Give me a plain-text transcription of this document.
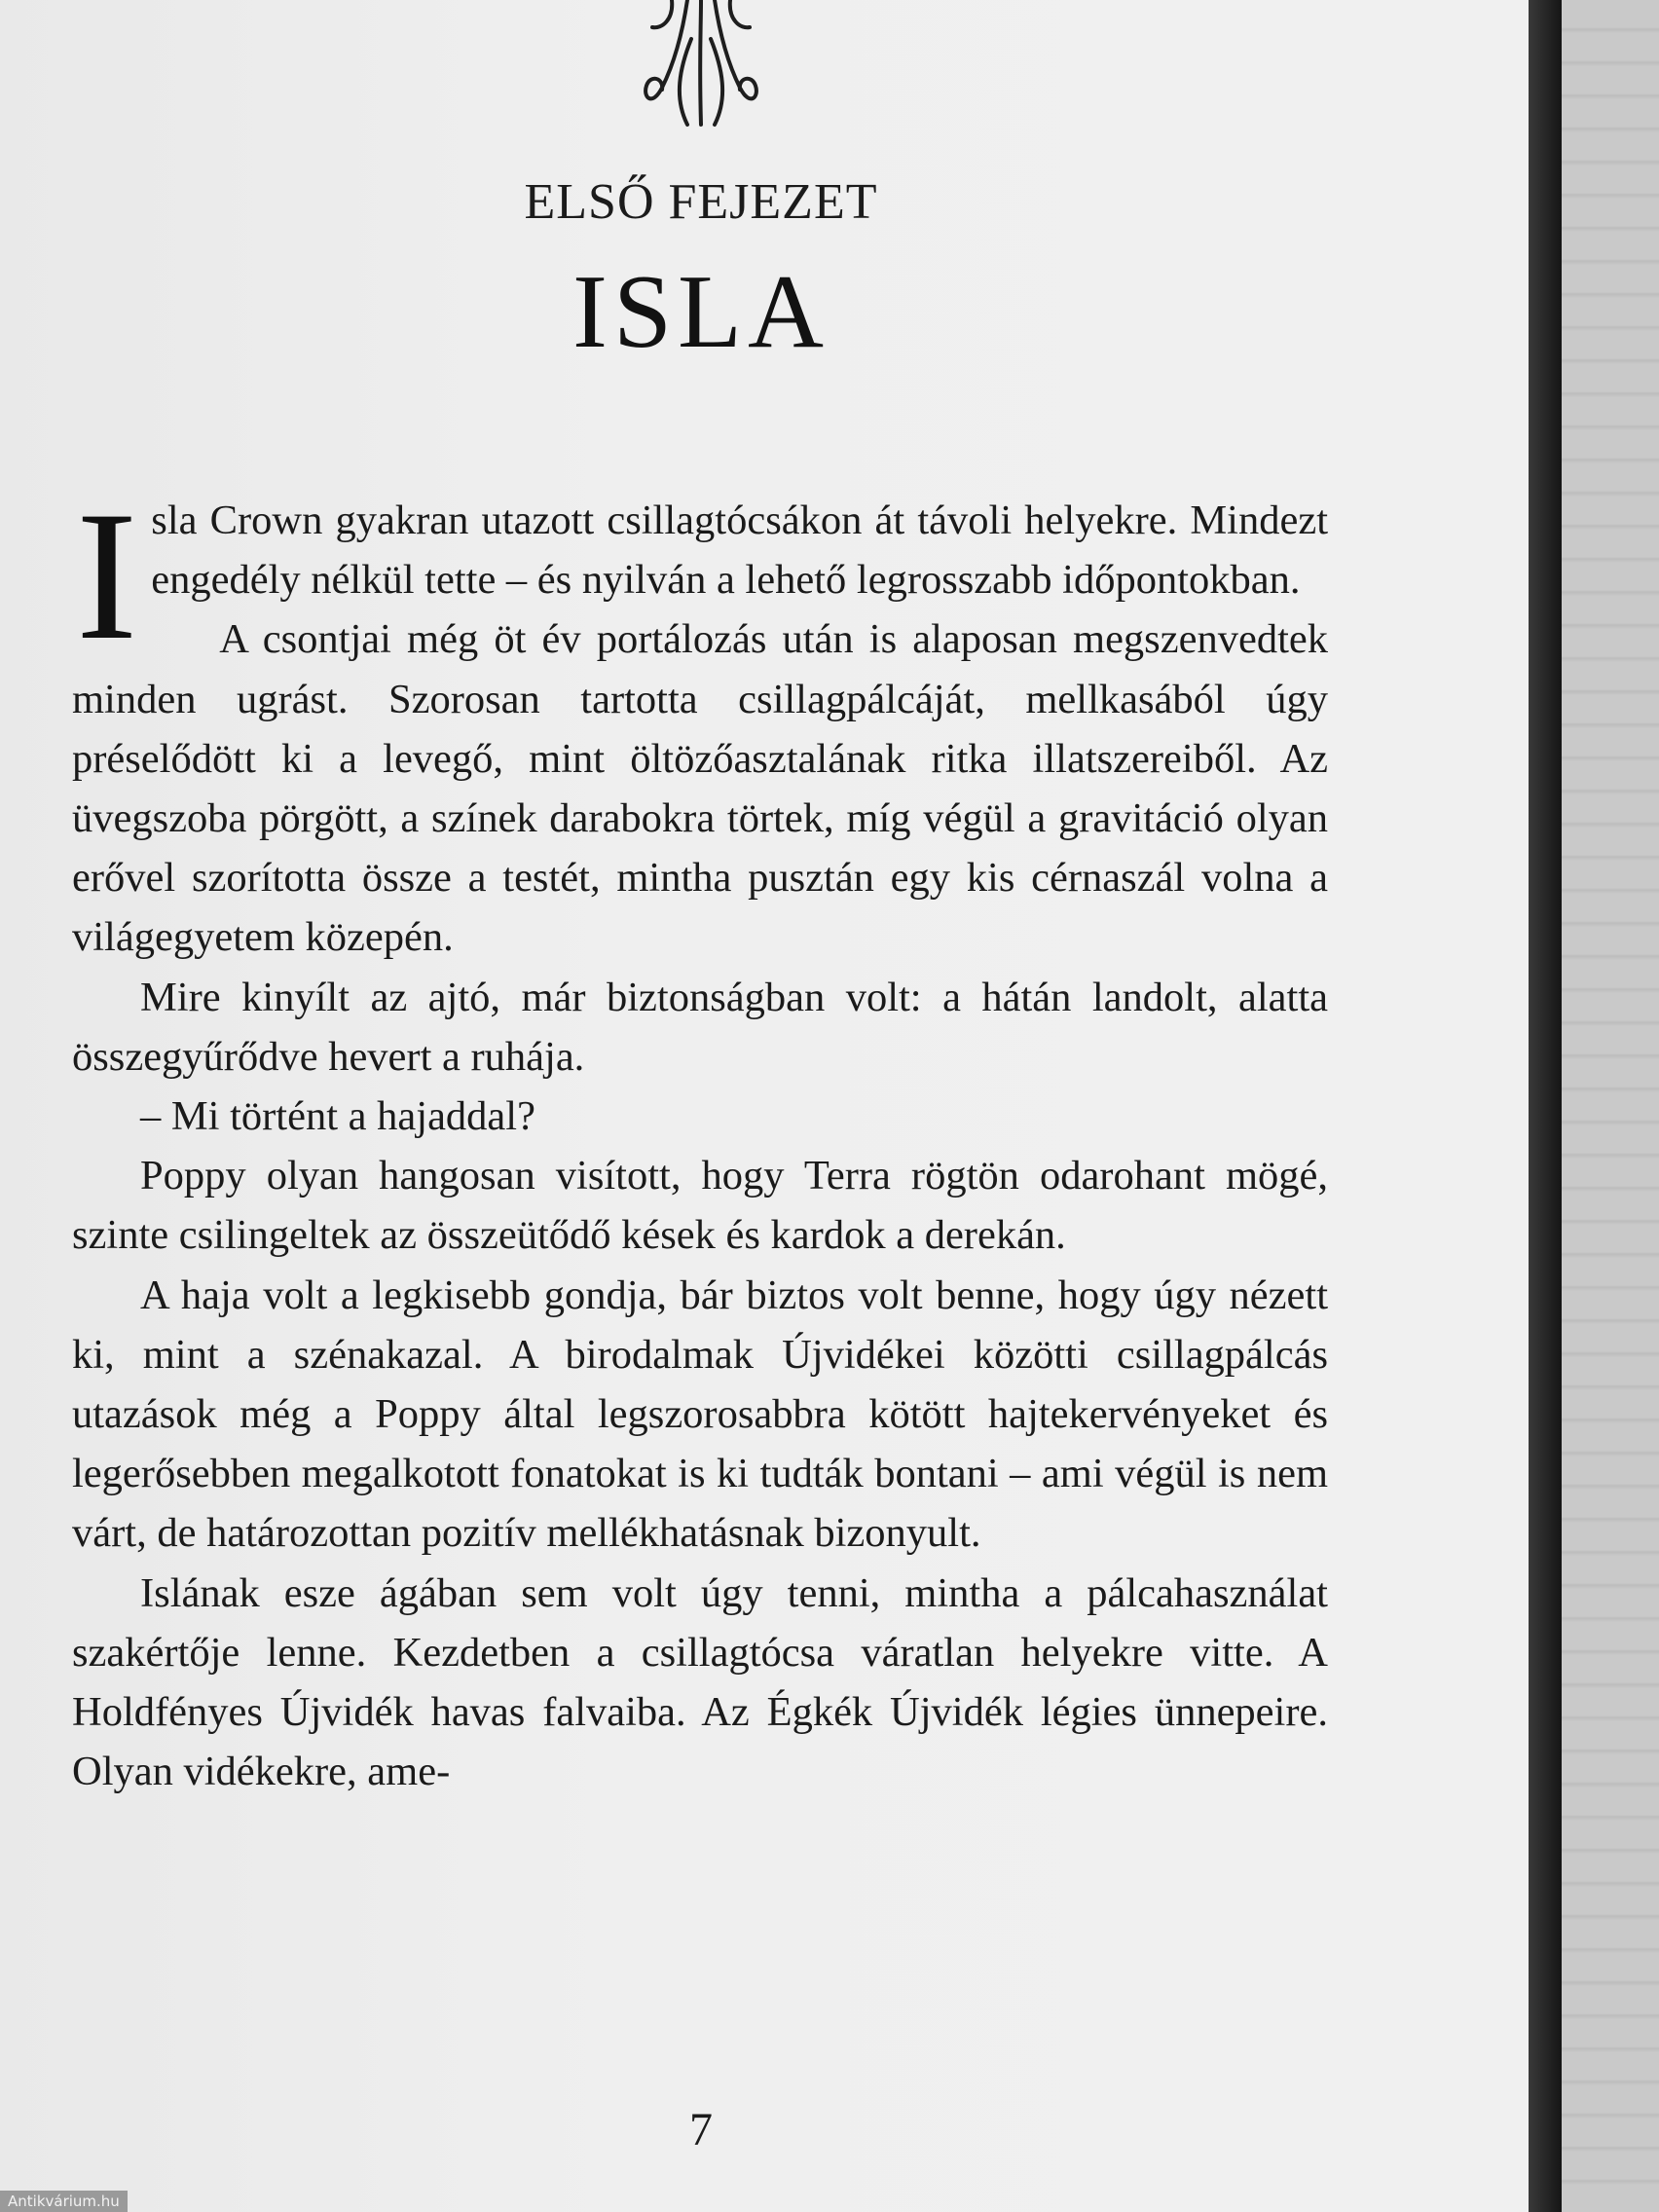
ELSŐ FEJEZET
ISLA

Isla Crown gyakran utazott csillagtócsákon át távoli helyekre. Mindezt engedély nélkül tette – és nyilván a lehető legrosszabb időpontokban.

A csontjai még öt év portálozás után is alaposan megszenvedtek minden ugrást. Szorosan tartotta csillagpálcáját, mellkasából úgy préselődött ki a levegő, mint öltözőasztalának ritka illatszereiből. Az üvegszoba pörgött, a színek darabokra törtek, míg végül a gravitáció olyan erővel szorította össze a testét, mintha pusztán egy kis cérnaszál volna a világegyetem közepén.

Mire kinyílt az ajtó, már biztonságban volt: a hátán landolt, alatta összegyűrődve hevert a ruhája.

– Mi történt a hajaddal?

Poppy olyan hangosan visított, hogy Terra rögtön odarohant mögé, szinte csilingeltek az összeütődő kések és kardok a derekán.

A haja volt a legkisebb gondja, bár biztos volt benne, hogy úgy nézett ki, mint a szénakazal. A birodalmak Újvidékei közötti csillagpálcás utazások még a Poppy által legszorosabbra kötött hajtekervényeket és legerősebben megalkotott fonatokat is ki tudták bontani – ami végül is nem várt, de határozottan pozitív mellékhatásnak bizonyult.

Islának esze ágában sem volt úgy tenni, mintha a pálcahasználat szakértője lenne. Kezdetben a csillagtócsa váratlan helyekre vitte. A Holdfényes Újvidék havas falvaiba. Az Égkék Újvidék légies ünnepeire. Olyan vidékekre, ame-

7
Antikvárium.hu
